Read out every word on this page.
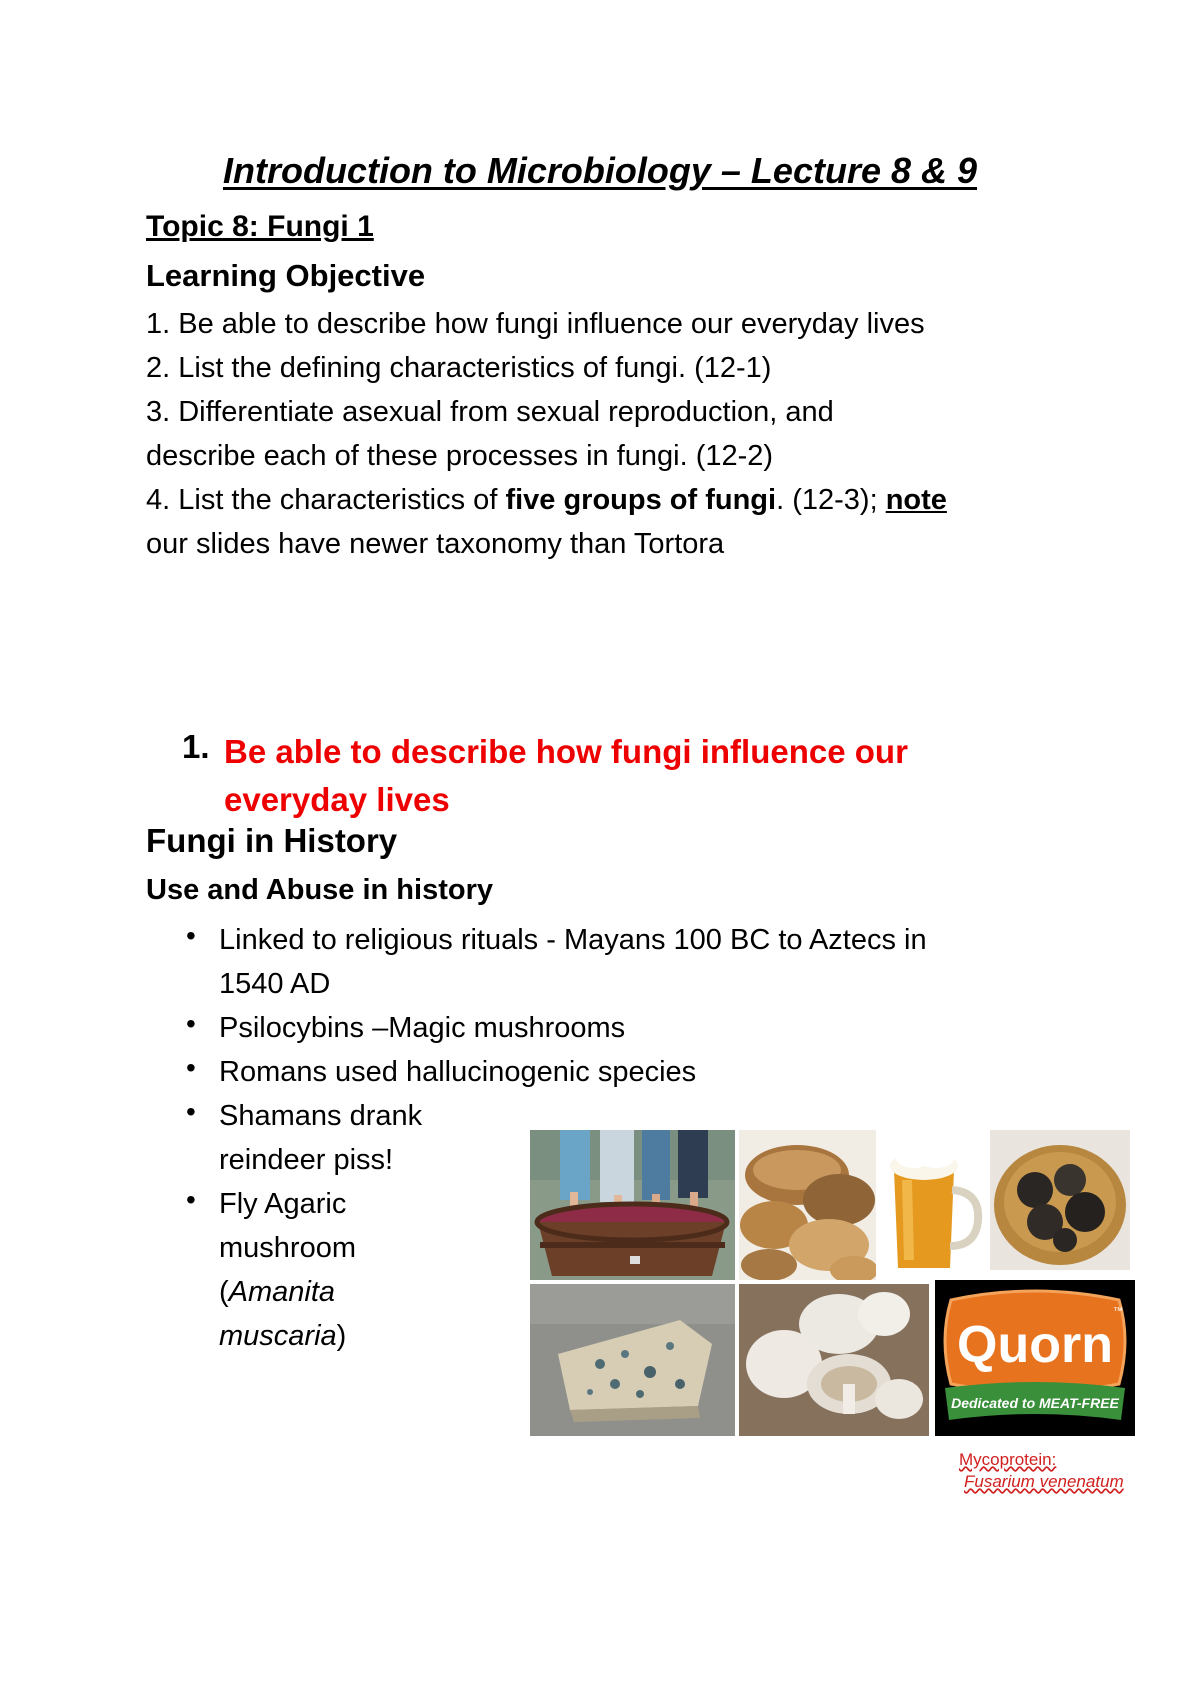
Introduction to Microbiology – Lecture 8 & 9
Topic 8: Fungi 1
Learning Objective
1. Be able to describe how fungi influence our everyday lives
2. List the defining characteristics of fungi. (12-1)
3. Differentiate asexual from sexual reproduction, and
describe each of these processes in fungi. (12-2)
4. List the characteristics of five groups of fungi. (12-3); note
our slides have newer taxonomy than Tortora
1. Be able to describe how fungi influence our
everyday lives
Fungi in History
Use and Abuse in history
• Linked to religious rituals - Mayans 100 BC to Aztecs in
1540 AD
• Psilocybins –Magic mushrooms
• Romans used hallucinogenic species
• Shamans drank
reindeer piss!
• Fly Agaric
mushroom
(Amanita
muscaria)	Quorn
™
Dedicated to MEAT-FREE
Mycoprotein:
Fusarium venenatum
